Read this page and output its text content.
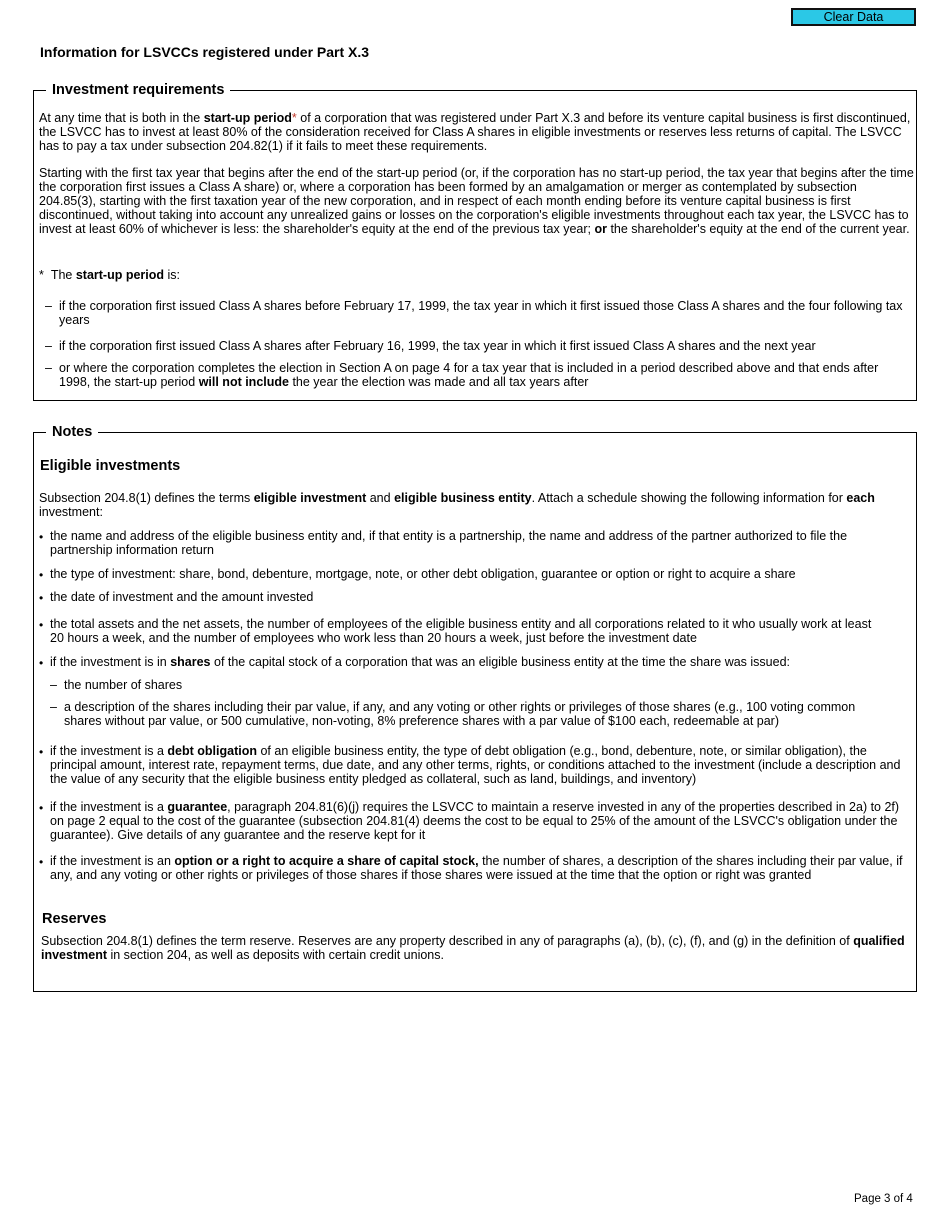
Clear Data
Information for LSVCCs registered under Part X.3
Investment requirements

At any time that is both in the start-up period* of a corporation that was registered under Part X.3 and before its venture capital business is first discontinued, the LSVCC has to invest at least 80% of the consideration received for Class A shares in eligible investments or reserves less returns of capital. The LSVCC has to pay a tax under subsection 204.82(1) if it fails to meet these requirements.

Starting with the first tax year that begins after the end of the start-up period (or, if the corporation has no start-up period, the tax year that begins after the time the corporation first issues a Class A share) or, where a corporation has been formed by an amalgamation or merger as contemplated by subsection 204.85(3), starting with the first taxation year of the new corporation, and in respect of each month ending before its venture capital business is first discontinued, without taking into account any unrealized gains or losses on the corporation's eligible investments throughout each tax year, the LSVCC has to invest at least 60% of whichever is less: the shareholder's equity at the end of the previous tax year; or the shareholder's equity at the end of the current year.

* The start-up period is:

– if the corporation first issued Class A shares before February 17, 1999, the tax year in which it first issued those Class A shares and the four following tax years

– if the corporation first issued Class A shares after February 16, 1999, the tax year in which it first issued Class A shares and the next year

– or where the corporation completes the election in Section A on page 4 for a tax year that is included in a period described above and that ends after 1998, the start-up period will not include the year the election was made and all tax years after

Notes
Eligible investments

Subsection 204.8(1) defines the terms eligible investment and eligible business entity. Attach a schedule showing the following information for each investment:

• the name and address of the eligible business entity and, if that entity is a partnership, the name and address of the partner authorized to file the partnership information return

• the type of investment: share, bond, debenture, mortgage, note, or other debt obligation, guarantee or option or right to acquire a share

• the date of investment and the amount invested

• the total assets and the net assets, the number of employees of the eligible business entity and all corporations related to it who usually work at least 20 hours a week, and the number of employees who work less than 20 hours a week, just before the investment date

• if the investment is in shares of the capital stock of a corporation that was an eligible business entity at the time the share was issued:

– the number of shares

– a description of the shares including their par value, if any, and any voting or other rights or privileges of those shares (e.g., 100 voting common shares without par value, or 500 cumulative, non-voting, 8% preference shares with a par value of $100 each, redeemable at par)

• if the investment is a debt obligation of an eligible business entity, the type of debt obligation (e.g., bond, debenture, note, or similar obligation), the principal amount, interest rate, repayment terms, due date, and any other terms, rights, or conditions attached to the investment (include a description and the value of any security that the eligible business entity pledged as collateral, such as land, buildings, and inventory)

• if the investment is a guarantee, paragraph 204.81(6)(j) requires the LSVCC to maintain a reserve invested in any of the properties described in 2a) to 2f) on page 2 equal to the cost of the guarantee (subsection 204.81(4) deems the cost to be equal to 25% of the amount of the LSVCC's obligation under the guarantee). Give details of any guarantee and the reserve kept for it

• if the investment is an option or a right to acquire a share of capital stock, the number of shares, a description of the shares including their par value, if any, and any voting or other rights or privileges of those shares if those shares were issued at the time that the option or right was granted

Reserves

Subsection 204.8(1) defines the term reserve. Reserves are any property described in any of paragraphs (a), (b), (c), (f), and (g) in the definition of qualified investment in section 204, as well as deposits with certain credit unions.

Page 3 of 4
